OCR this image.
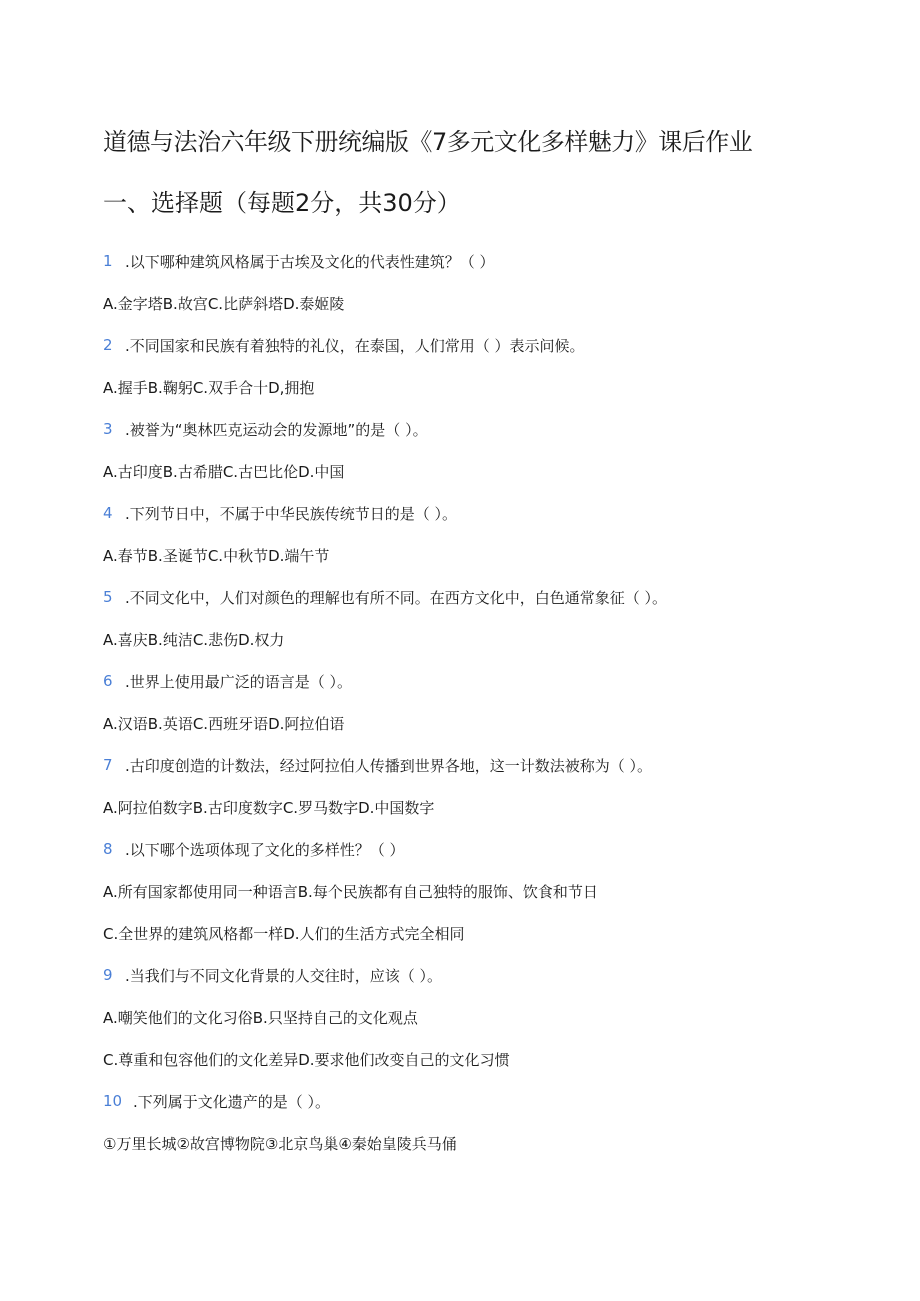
道德与法治六年级下册统编版《7多元文化多样魅力》课后作业
一、选择题（每题2分，共30分）
1 .以下哪种建筑风格属于古埃及文化的代表性建筑？（ ）
A.金字塔B.故宫C.比萨斜塔D.泰姬陵
2 .不同国家和民族有着独特的礼仪，在泰国，人们常用（ ）表示问候。
A.握手B.鞠躬C.双手合十D,拥抱
3 .被誉为“奥林匹克运动会的发源地”的是（ ）。
A.古印度B.古希腊C.古巴比伦D.中国
4 .下列节日中，不属于中华民族传统节日的是（ ）。
A.春节B.圣诞节C.中秋节D.端午节
5 .不同文化中，人们对颜色的理解也有所不同。在西方文化中，白色通常象征（ ）。
A.喜庆B.纯洁C.悲伤D.权力
6 .世界上使用最广泛的语言是（ ）。
A.汉语B.英语C.西班牙语D.阿拉伯语
7 .古印度创造的计数法，经过阿拉伯人传播到世界各地，这一计数法被称为（ ）。
A.阿拉伯数字B.古印度数字C.罗马数字D.中国数字
8 .以下哪个选项体现了文化的多样性？（ ）
A.所有国家都使用同一种语言B.每个民族都有自己独特的服饰、饮食和节日
C.全世界的建筑风格都一样D.人们的生活方式完全相同
9 .当我们与不同文化背景的人交往时，应该（ ）。
A.嘲笑他们的文化习俗B.只坚持自己的文化观点
C.尊重和包容他们的文化差异D.要求他们改变自己的文化习惯
10 .下列属于文化遗产的是（ ）。
①万里长城②故宫博物院③北京鸟巢④秦始皇陵兵马俑
